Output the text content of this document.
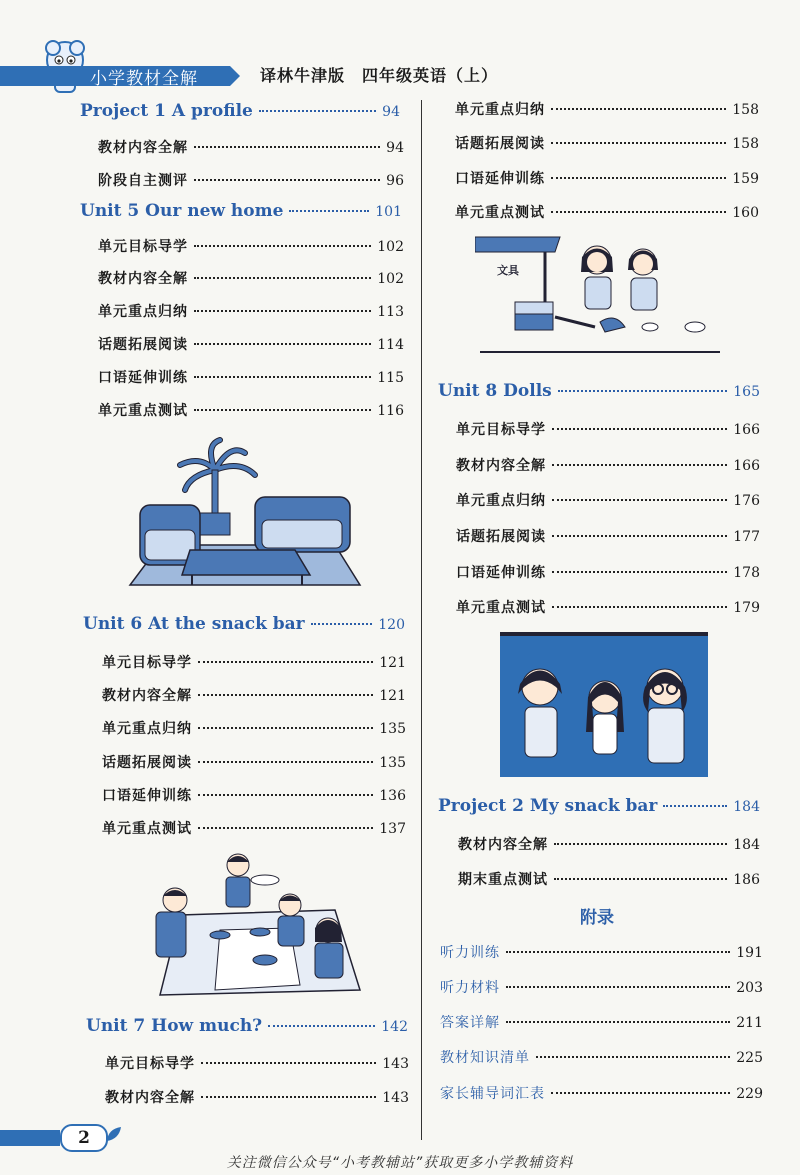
小学教材全解	译林牛津版　四年级英语（上）
Project 1 A profile	94
教材内容全解	94
阶段自主测评	96
Unit 5 Our new home	101
单元目标导学	102
教材内容全解	102
单元重点归纳	113
话题拓展阅读	114
口语延伸训练	115
单元重点测试	116
Unit 6 At the snack bar	120
单元目标导学	121
教材内容全解	121
单元重点归纳	135
话题拓展阅读	135
口语延伸训练	136
单元重点测试	137
Unit 7 How much?	142
单元目标导学	143
教材内容全解	143
单元重点归纳	158
话题拓展阅读	158
口语延伸训练	159
单元重点测试	160
文具
Unit 8 Dolls	165
单元目标导学	166
教材内容全解	166
单元重点归纳	176
话题拓展阅读	177
口语延伸训练	178
单元重点测试	179
Project 2 My snack bar	184
教材内容全解	184
期末重点测试	186
附录
听力训练	191
听力材料	203
答案详解	211
教材知识清单	225
家长辅导词汇表	229
2
关注微信公众号“小考教辅站”获取更多小学教辅资料
